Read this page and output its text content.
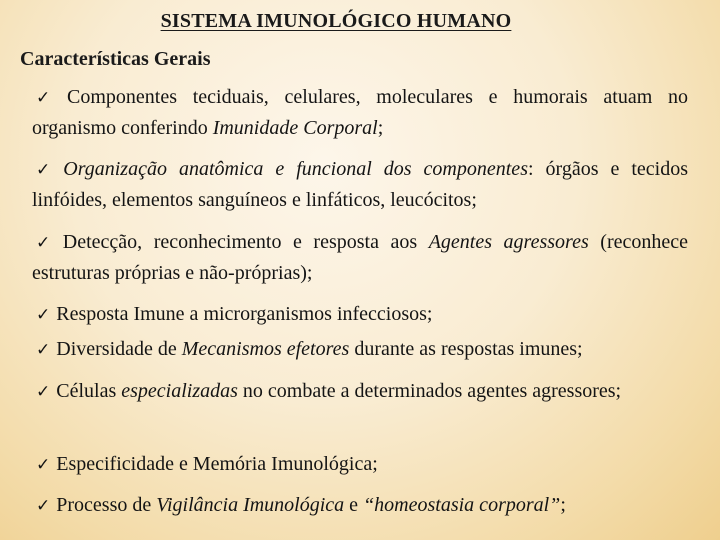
SISTEMA IMUNOLÓGICO HUMANO
Características Gerais
✓ Componentes teciduais, celulares, moleculares e humorais atuam no organismo conferindo Imunidade Corporal;
✓ Organização anatômica e funcional dos componentes: órgãos e tecidos linfóides, elementos sanguíneos e linfáticos, leucócitos;
✓ Detecção, reconhecimento e resposta aos Agentes agressores (reconhece estruturas próprias e não-próprias);
✓ Resposta Imune a microrganismos infecciosos;
✓ Diversidade de Mecanismos efetores durante as respostas imunes;
✓ Células especializadas no combate a determinados agentes agressores;
✓ Especificidade e Memória Imunológica;
✓ Processo de Vigilância Imunológica e “homeostasia corporal”;
